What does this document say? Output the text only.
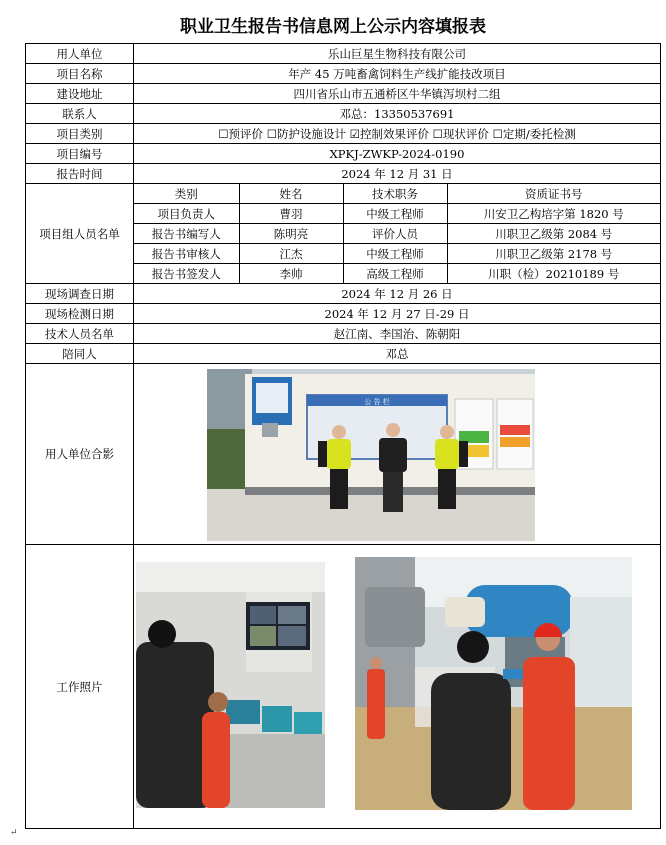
职业卫生报告书信息网上公示内容填报表
用人单位	乐山巨星生物科技有限公司
项目名称	年产 45 万吨畜禽饲料生产线扩能技改项目
建设地址	四川省乐山市五通桥区牛华镇泻坝村二组
联系人	邓总：13350537691
项目类别	☐预评价 ☐防护设施设计 ☑控制效果评价 ☐现状评价 ☐定期/委托检测
项目编号	XPKJ-ZWKP-2024-0190
报告时间	2024 年 12 月 31 日
项目组人员名单	
类别	姓名	技术职务	资质证书号
项目负责人	曹羽	中级工程师	川安卫乙构培字第 1820 号
报告书编写人	陈明亮	评价人员	川职卫乙级第 2084 号
报告书审核人	江杰	中级工程师	川职卫乙级第 2178 号
报告书签发人	李帅	高级工程师	川职（检）20210189 号

现场调查日期	2024 年 12 月 26 日
现场检测日期	2024 年 12 月 27 日-29 日
技术人员名单	赵江南、李国治、陈朝阳
陪同人	邓总
用人单位合影	
工作照片	
公 告 栏
↵
